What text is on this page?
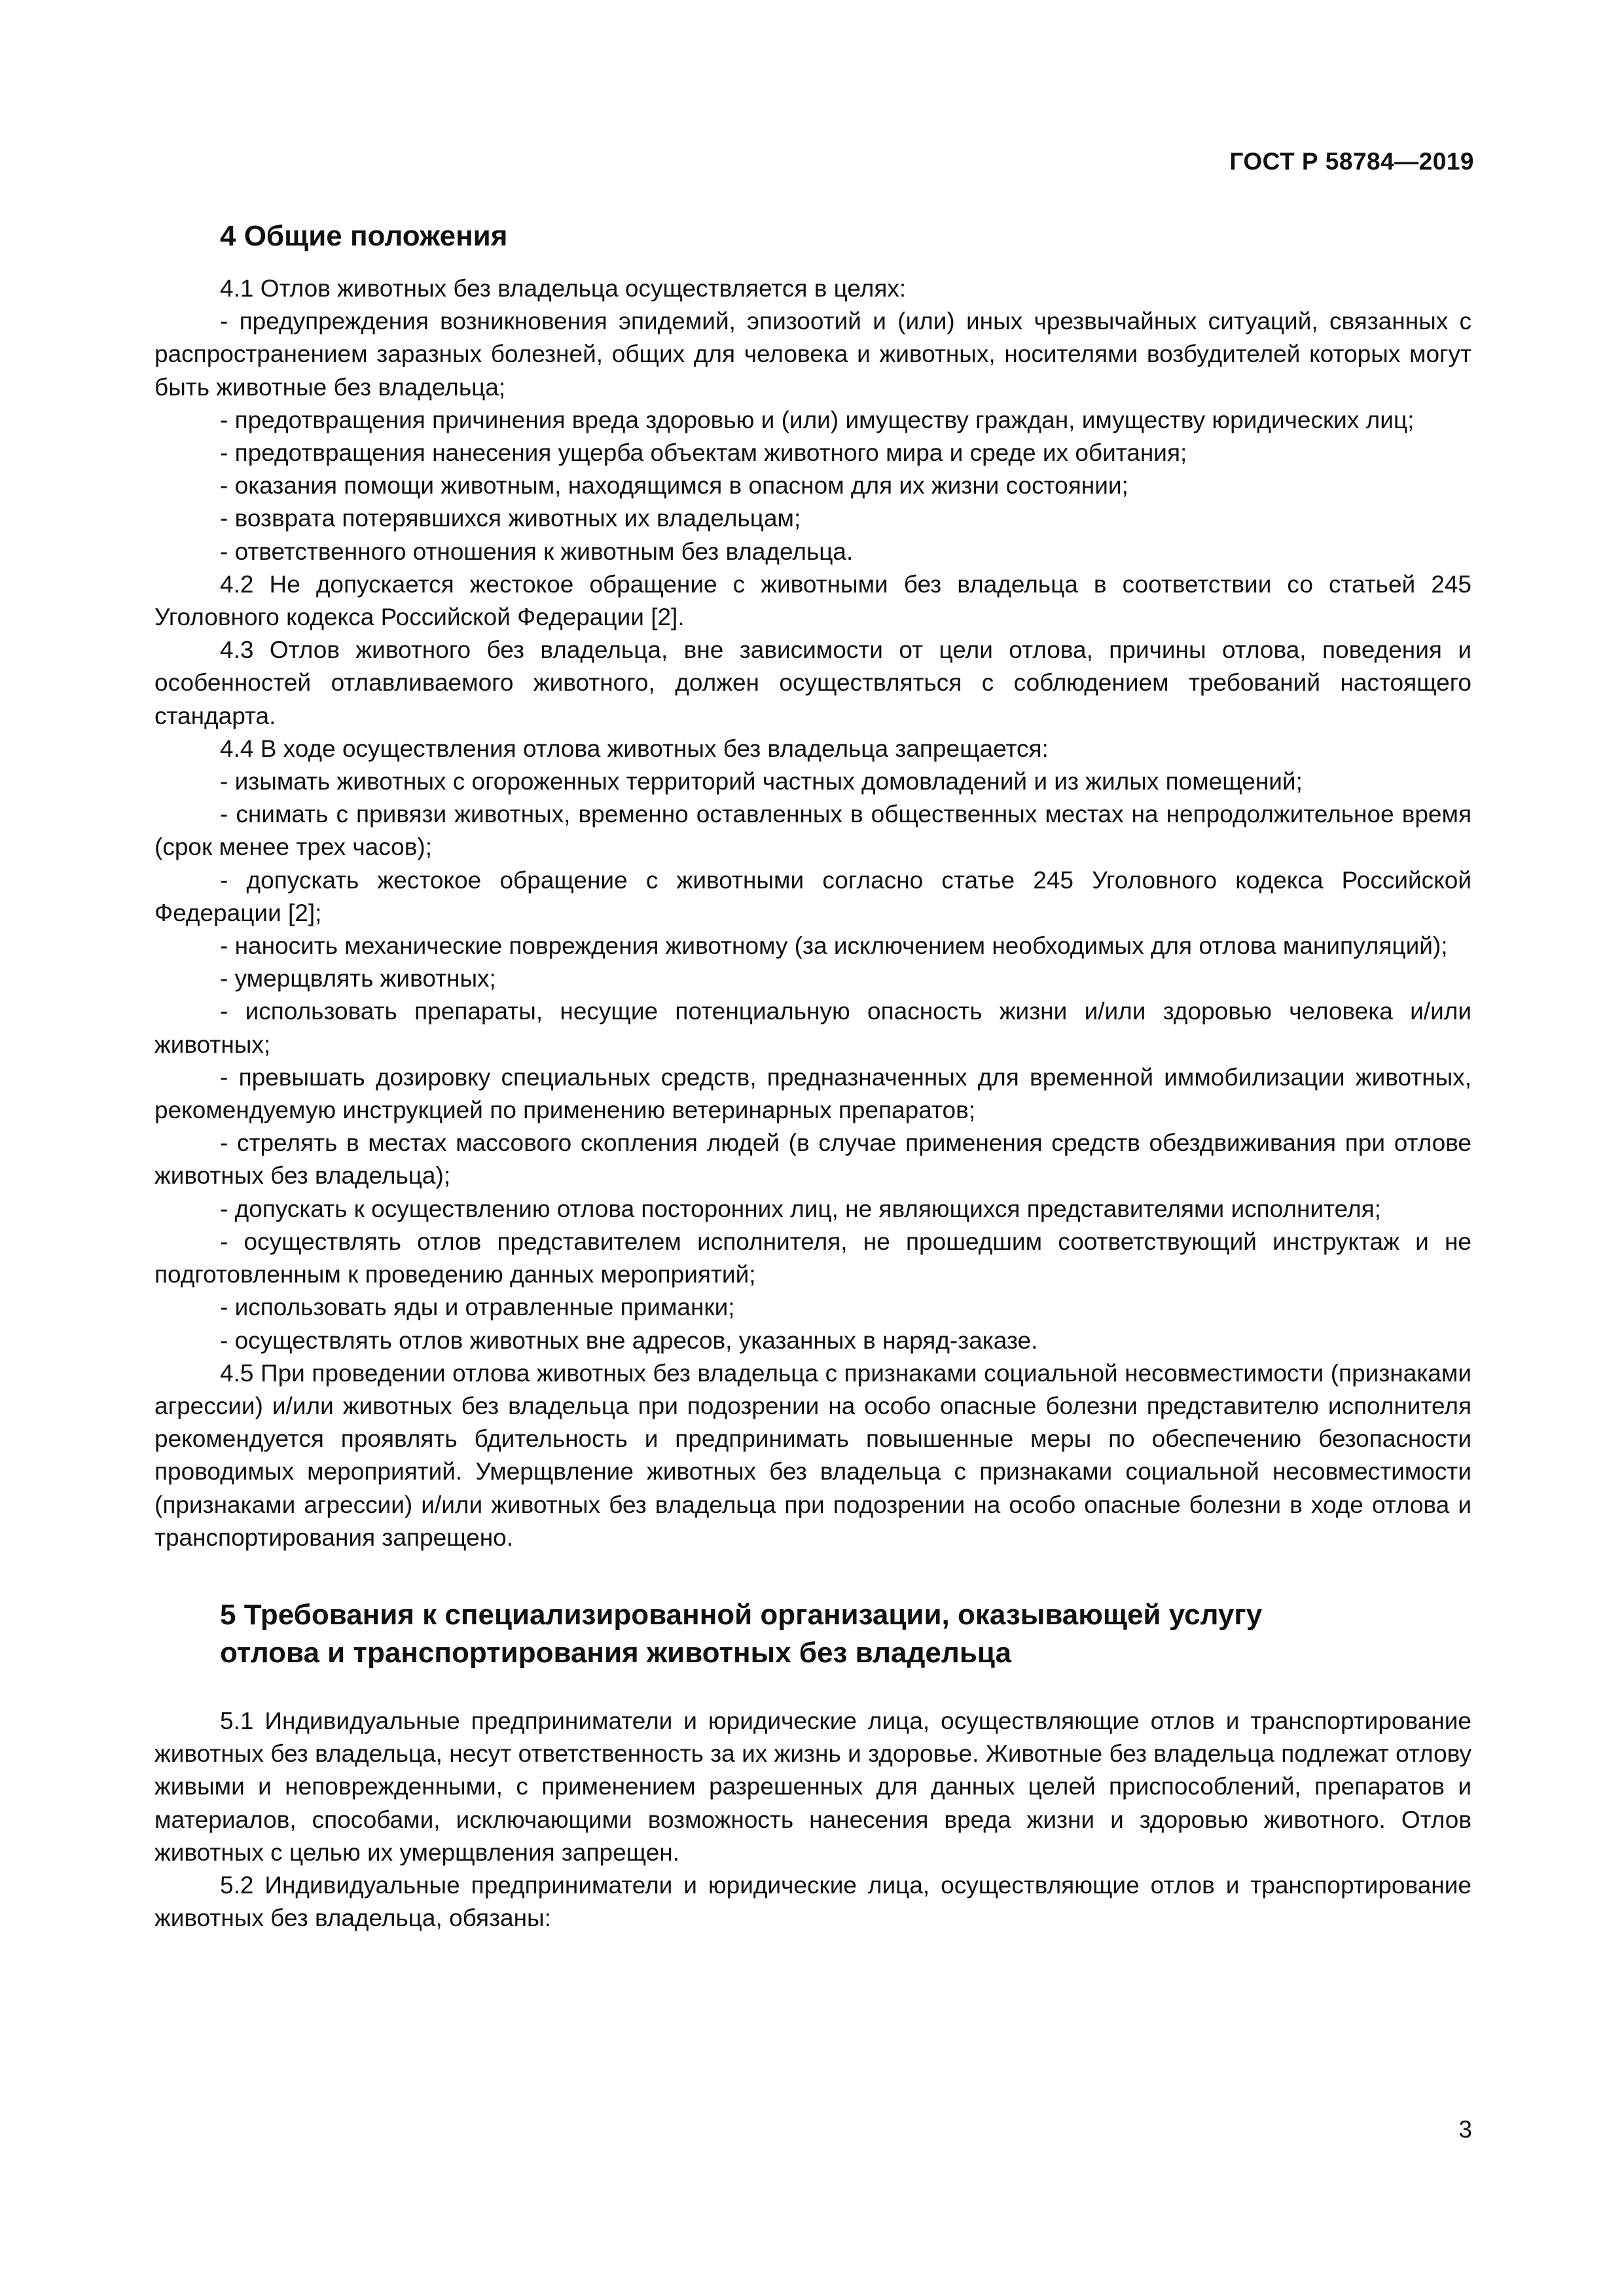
ГОСТ Р 58784—2019
4 Общие положения

4.1 Отлов животных без владельца осуществляется в целях:

- предупреждения возникновения эпидемий, эпизоотий и (или) иных чрезвычайных ситуаций, связанных с распространением заразных болезней, общих для человека и животных, носителями возбудителей которых могут быть животные без владельца;

- предотвращения причинения вреда здоровью и (или) имуществу граждан, имуществу юридических лиц;

- предотвращения нанесения ущерба объектам животного мира и среде их обитания;

- оказания помощи животным, находящимся в опасном для их жизни состоянии;

- возврата потерявшихся животных их владельцам;

- ответственного отношения к животным без владельца.

4.2 Не допускается жестокое обращение с животными без владельца в соответствии со статьей 245 Уголовного кодекса Российской Федерации [2].

4.3 Отлов животного без владельца, вне зависимости от цели отлова, причины отлова, поведения и особенностей отлавливаемого животного, должен осуществляться с соблюдением требований настоящего стандарта.

4.4 В ходе осуществления отлова животных без владельца запрещается:

- изымать животных с огороженных территорий частных домовладений и из жилых помещений;

- снимать с привязи животных, временно оставленных в общественных местах на непродолжительное время (срок менее трех часов);

- допускать жестокое обращение с животными согласно статье 245 Уголовного кодекса Российской Федерации [2];

- наносить механические повреждения животному (за исключением необходимых для отлова манипуляций);

- умерщвлять животных;

- использовать препараты, несущие потенциальную опасность жизни и/или здоровью человека и/или животных;

- превышать дозировку специальных средств, предназначенных для временной иммобилизации животных, рекомендуемую инструкцией по применению ветеринарных препаратов;

- стрелять в местах массового скопления людей (в случае применения средств обездвиживания при отлове животных без владельца);

- допускать к осуществлению отлова посторонних лиц, не являющихся представителями исполнителя;

- осуществлять отлов представителем исполнителя, не прошедшим соответствующий инструктаж и не подготовленным к проведению данных мероприятий;

- использовать яды и отравленные приманки;

- осуществлять отлов животных вне адресов, указанных в наряд-заказе.

4.5 При проведении отлова животных без владельца с признаками социальной несовместимости (признаками агрессии) и/или животных без владельца при подозрении на особо опасные болезни представителю исполнителя рекомендуется проявлять бдительность и предпринимать повышенные меры по обеспечению безопасности проводимых мероприятий. Умерщвление животных без владельца с признаками социальной несовместимости (признаками агрессии) и/или животных без владельца при подозрении на особо опасные болезни в ходе отлова и транспортирования запрещено.

5 Требования к специализированной организации, оказывающей услугу
отлова и транспортирования животных без владельца

5.1 Индивидуальные предприниматели и юридические лица, осуществляющие отлов и транспортирование животных без владельца, несут ответственность за их жизнь и здоровье. Животные без владельца подлежат отлову живыми и неповрежденными, с применением разрешенных для данных целей приспособлений, препаратов и материалов, способами, исключающими возможность нанесения вреда жизни и здоровью животного. Отлов животных с целью их умерщвления запрещен.

5.2 Индивидуальные предприниматели и юридические лица, осуществляющие отлов и транспортирование животных без владельца, обязаны:

3
